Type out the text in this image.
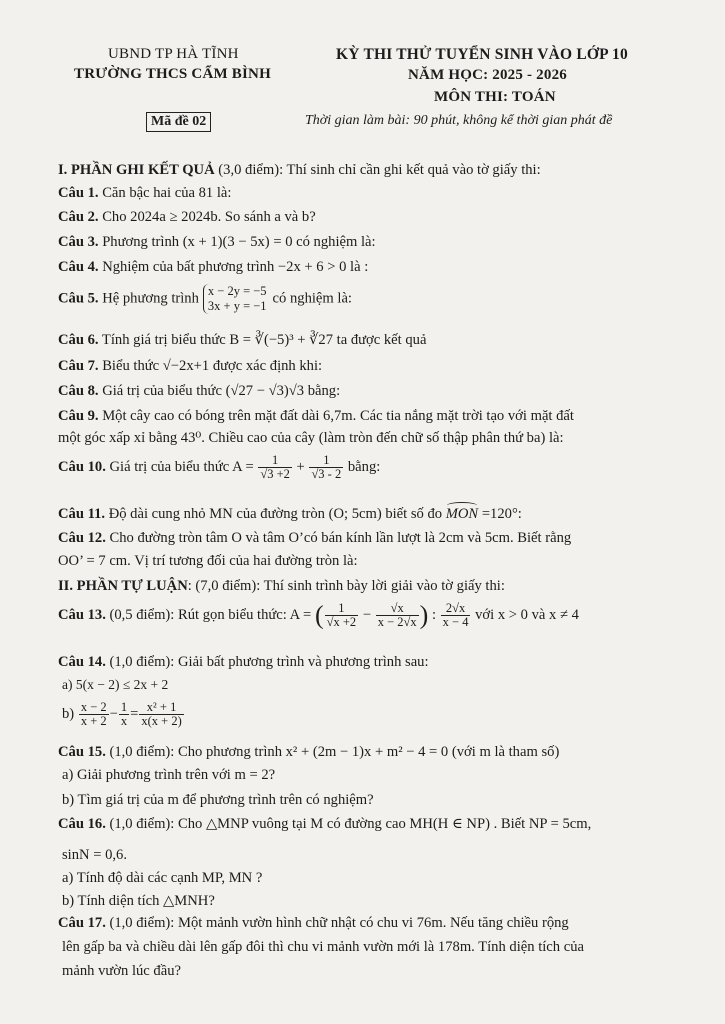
UBND TP HÀ TĨNH
TRƯỜNG THCS CẨM BÌNH
Mã đề 02
KỲ THI THỬ TUYỂN SINH VÀO LỚP 10
NĂM HỌC: 2025 - 2026
MÔN THI: TOÁN
Thời gian làm bài: 90 phút, không kể thời gian phát đề
I. PHẦN GHI KẾT QUẢ (3,0 điểm): Thí sinh chỉ cần ghi kết quả vào tờ giấy thi:
Câu 1. Căn bậc hai của 81 là:
Câu 2. Cho 2024a ≥ 2024b. So sánh a và b?
Câu 3. Phương trình (x + 1)(3 − 5x) = 0 có nghiệm là:
Câu 4. Nghiệm của bất phương trình −2x + 6 > 0 là :
Câu 5. Hệ phương trình x − 2y = −5
3x + y = −1 có nghiệm là:
Câu 6. Tính giá trị biểu thức B = ∛(−5)³ + ∛27 ta được kết quả
Câu 7. Biểu thức √−2x+1 được xác định khi:
Câu 8. Giá trị của biểu thức (√27 − √3)√3 bằng:
Câu 9. Một cây cao có bóng trên mặt đất dài 6,7m. Các tia nắng mặt trời tạo với mặt đất
một góc xấp xỉ bằng 43⁰. Chiều cao của cây (làm tròn đến chữ số thập phân thứ ba) là:
Câu 10. Giá trị của biểu thức $A = \frac{1}{√3 +2} + \frac{1}{√3 - 2}$ bằng:
Câu 11. Độ dài cung nhỏ MN của đường tròn (O; 5cm) biết số đo MON =120°:
Câu 12. Cho đường tròn tâm O và tâm O’có bán kính lần lượt là 2cm và 5cm. Biết rằng
OO’ = 7 cm. Vị trí tương đối của hai đường tròn là:
II. PHẦN TỰ LUẬN: (7,0 điểm): Thí sinh trình bày lời giải vào tờ giấy thi:
Câu 13. (0,5 điểm): Rút gọn biểu thức: A = ( $\frac{1}{√x +2} - \frac{√x}{x - 2√x}$ ) : $\frac{2√x}{x - 4}$ với x > 0 và x ≠ 4
Câu 14. (1,0 điểm): Giải bất phương trình và phương trình sau:
a) 5(x − 2) ≤ 2x + 2
$b) \frac{x - 2}{x + 2} - \frac{1}{x} = \frac{\text{x² + 1}}{x(x + 2)}$
Câu 15. (1,0 điểm): Cho phương trình x² + (2m − 1)x + m² − 4 = 0 (với m là tham số)
a) Giải phương trình trên với m = 2?
b) Tìm giá trị của m để phương trình trên có nghiệm?
Câu 16. (1,0 điểm): Cho △MNP vuông tại M có đường cao MH(H ∈ NP) . Biết NP = 5cm,
sinN = 0,6.
a) Tính độ dài các cạnh MP, MN ?
b) Tính diện tích △MNH?
Câu 17. (1,0 điểm): Một mảnh vườn hình chữ nhật có chu vi 76m. Nếu tăng chiều rộng
lên gấp ba và chiều dài lên gấp đôi thì chu vi mảnh vườn mới là 178m. Tính diện tích của
mảnh vườn lúc đầu?
